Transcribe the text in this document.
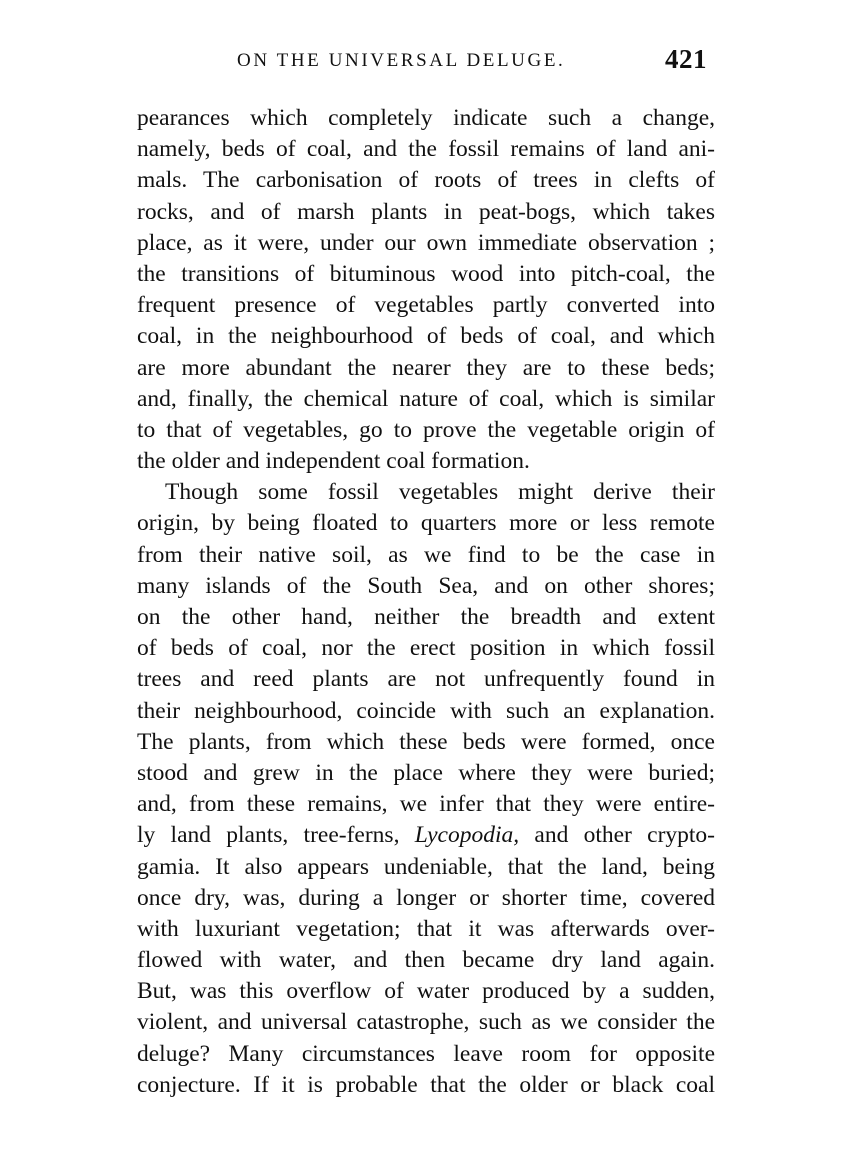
ON THE UNIVERSAL DELUGE.	421
pearances which completely indicate such a change,
namely, beds of coal, and the fossil remains of land ani-
mals. The carbonisation of roots of trees in clefts of
rocks, and of marsh plants in peat-bogs, which takes
place, as it were, under our own immediate observation ;
the transitions of bituminous wood into pitch-coal, the
frequent presence of vegetables partly converted into
coal, in the neighbourhood of beds of coal, and which
are more abundant the nearer they are to these beds;
and, finally, the chemical nature of coal, which is similar
to that of vegetables, go to prove the vegetable origin of
the older and independent coal formation.
Though some fossil vegetables might derive their
origin, by being floated to quarters more or less remote
from their native soil, as we find to be the case in
many islands of the South Sea, and on other shores;
on the other hand, neither the breadth and extent
of beds of coal, nor the erect position in which fossil
trees and reed plants are not unfrequently found in
their neighbourhood, coincide with such an explanation.
The plants, from which these beds were formed, once
stood and grew in the place where they were buried;
and, from these remains, we infer that they were entire-
ly land plants, tree-ferns, Lycopodia, and other crypto-
gamia. It also appears undeniable, that the land, being
once dry, was, during a longer or shorter time, covered
with luxuriant vegetation; that it was afterwards over-
flowed with water, and then became dry land again.
But, was this overflow of water produced by a sudden,
violent, and universal catastrophe, such as we consider the
deluge? Many circumstances leave room for opposite
conjecture. If it is probable that the older or black coal
